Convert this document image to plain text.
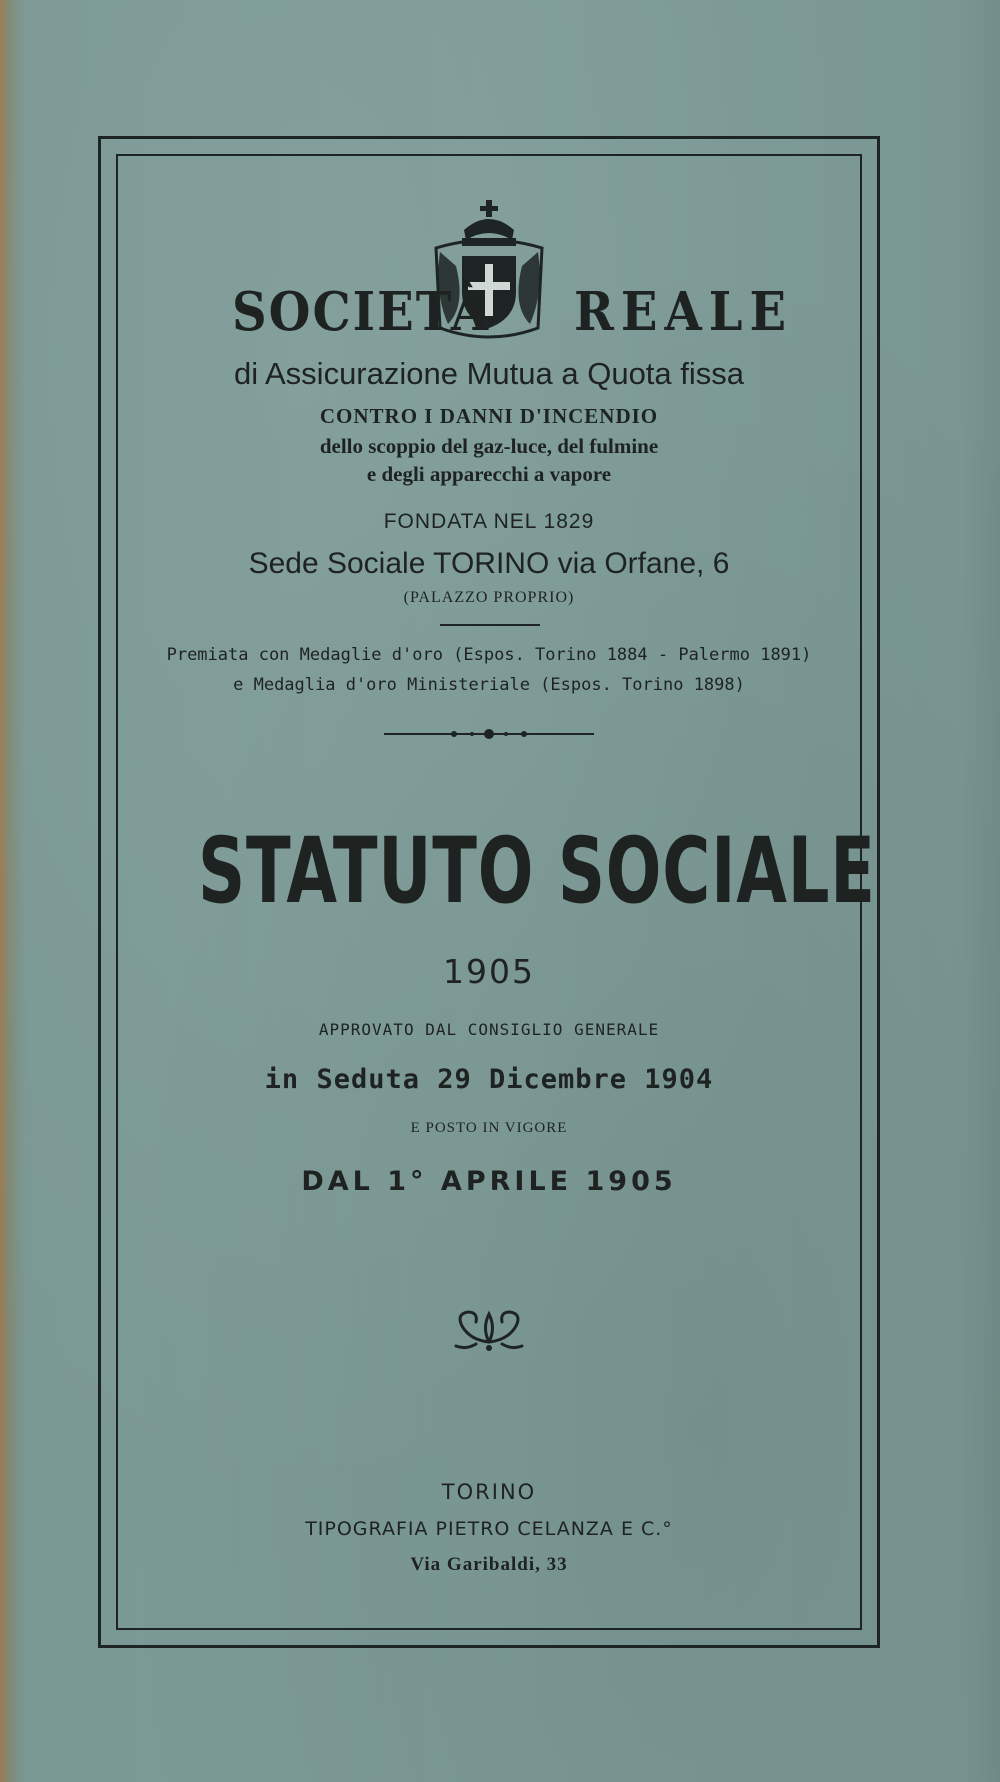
SOCIETÀ REALE
di Assicurazione Mutua a Quota fissa
CONTRO I DANNI D'INCENDIO
dello scoppio del gaz-luce, del fulmine
e degli apparecchi a vapore
FONDATA NEL 1829
Sede Sociale TORINO via Orfane, 6
(PALAZZO PROPRIO)
Premiata con Medaglie d'oro (Espos. Torino 1884 - Palermo 1891)
e Medaglia d'oro Ministeriale (Espos. Torino 1898)
STATUTO SOCIALE
1905
APPROVATO DAL CONSIGLIO GENERALE
in Seduta 29 Dicembre 1904
E POSTO IN VIGORE
DAL 1° APRILE 1905
TORINO
TIPOGRAFIA PIETRO CELANZA E C.°
Via Garibaldi, 33
